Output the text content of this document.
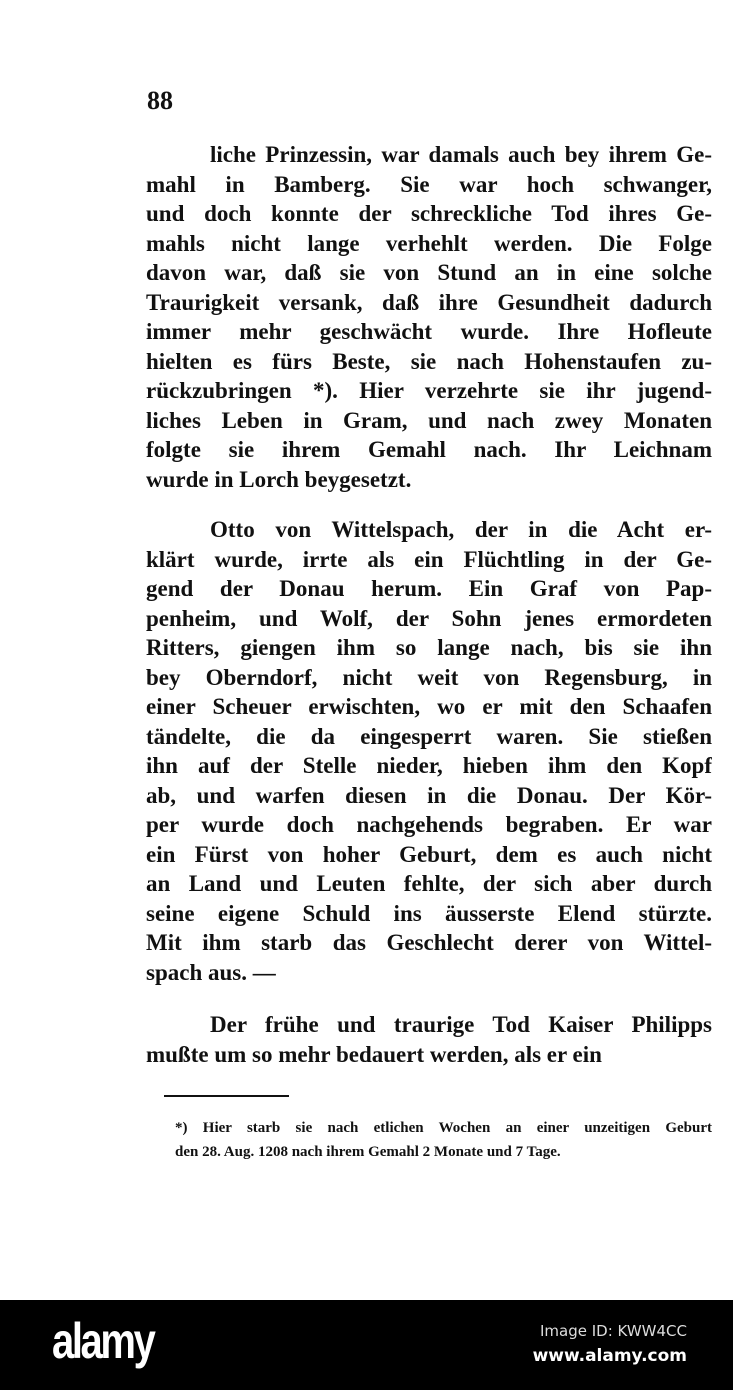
88
liche Prinzessin, war damals auch bey ihrem Ge-
mahl in Bamberg. Sie war hoch schwanger,
und doch konnte der schreckliche Tod ihres Ge-
mahls nicht lange verhehlt werden. Die Folge
davon war, daß sie von Stund an in eine solche
Traurigkeit versank, daß ihre Gesundheit dadurch
immer mehr geschwächt wurde. Ihre Hofleute
hielten es fürs Beste, sie nach Hohenstaufen zu-
rückzubringen *). Hier verzehrte sie ihr jugend-
liches Leben in Gram, und nach zwey Monaten
folgte sie ihrem Gemahl nach. Ihr Leichnam
wurde in Lorch beygesetzt.
Otto von Wittelspach, der in die Acht er-
klärt wurde, irrte als ein Flüchtling in der Ge-
gend der Donau herum. Ein Graf von Pap-
penheim, und Wolf, der Sohn jenes ermordeten
Ritters, giengen ihm so lange nach, bis sie ihn
bey Oberndorf, nicht weit von Regensburg, in
einer Scheuer erwischten, wo er mit den Schaafen
tändelte, die da eingesperrt waren. Sie stießen
ihn auf der Stelle nieder, hieben ihm den Kopf
ab, und warfen diesen in die Donau. Der Kör-
per wurde doch nachgehends begraben. Er war
ein Fürst von hoher Geburt, dem es auch nicht
an Land und Leuten fehlte, der sich aber durch
seine eigene Schuld ins äusserste Elend stürzte.
Mit ihm starb das Geschlecht derer von Wittel-
spach aus. —
Der frühe und traurige Tod Kaiser Philipps
mußte um so mehr bedauert werden, als er ein
*) Hier starb sie nach etlichen Wochen an einer unzeitigen Geburt
den 28. Aug. 1208 nach ihrem Gemahl 2 Monate und 7 Tage.
alamy	Image ID: KWW4CC
www.alamy.com
